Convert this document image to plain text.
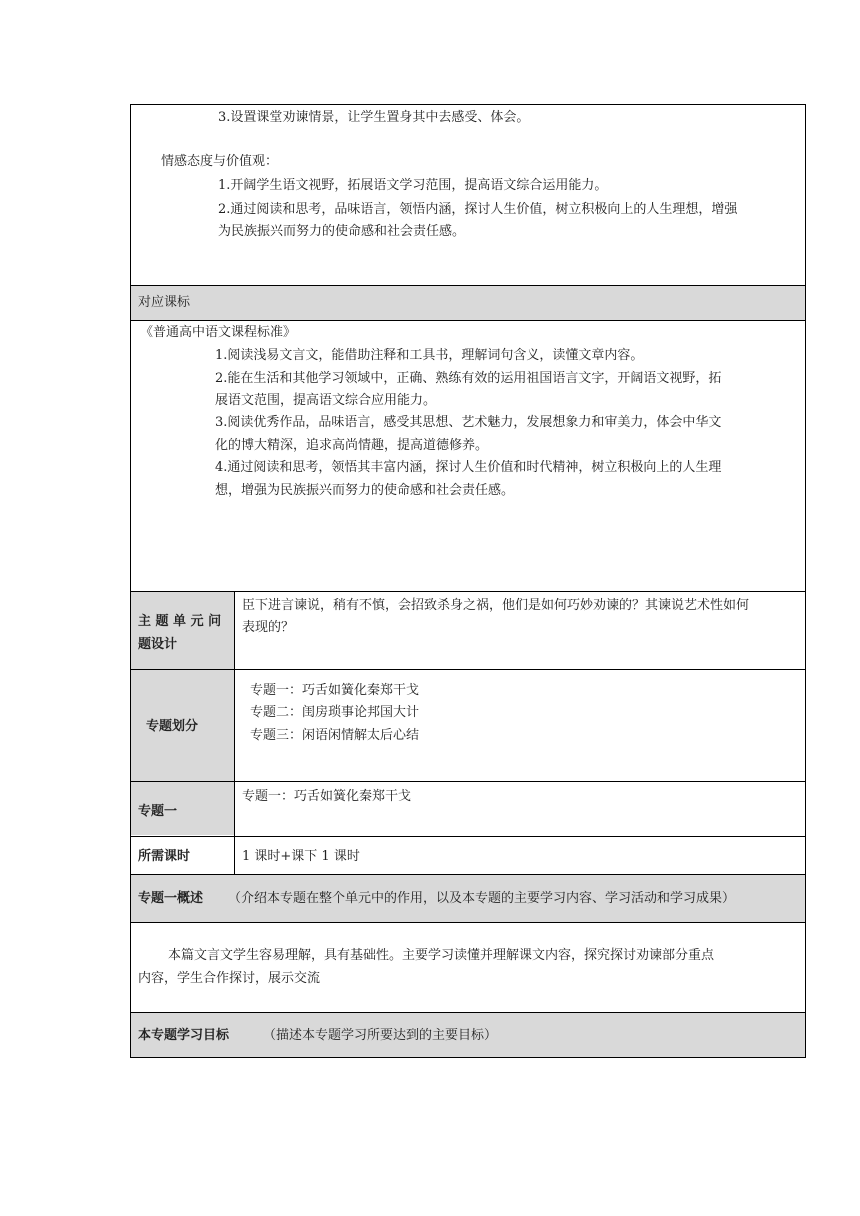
3.设置课堂劝谏情景，让学生置身其中去感受、体会。
情感态度与价值观：
1.开阔学生语文视野，拓展语文学习范围，提高语文综合运用能力。
2.通过阅读和思考，品味语言，领悟内涵，探讨人生价值，树立积极向上的人生理想，增强
为民族振兴而努力的使命感和社会责任感。
对应课标
《普通高中语文课程标准》
1.阅读浅易文言文，能借助注释和工具书，理解词句含义，读懂文章内容。
2.能在生活和其他学习领域中，正确、熟练有效的运用祖国语言文字，开阔语文视野，拓
展语文范围，提高语文综合应用能力。
3.阅读优秀作品，品味语言，感受其思想、艺术魅力，发展想象力和审美力，体会中华文
化的博大精深，追求高尚情趣，提高道德修养。
4.通过阅读和思考，领悟其丰富内涵，探讨人生价值和时代精神，树立积极向上的人生理
想，增强为民族振兴而努力的使命感和社会责任感。
主 题 单 元 问
题设计
臣下进言谏说，稍有不慎，会招致杀身之祸，他们是如何巧妙劝谏的？其谏说艺术性如何
表现的？
专题划分
专题一：巧舌如簧化秦郑干戈
专题二：闺房琐事论邦国大计
专题三：闲语闲情解太后心结
专题一
专题一：巧舌如簧化秦郑干戈
所需课时	1 课时+课下 1 课时
专题一概述 （介绍本专题在整个单元中的作用，以及本专题的主要学习内容、学习活动和学习成果）
本篇文言文学生容易理解，具有基础性。主要学习读懂并理解课文内容，探究探讨劝谏部分重点
内容，学生合作探讨，展示交流
本专题学习目标	（描述本专题学习所要达到的主要目标）
